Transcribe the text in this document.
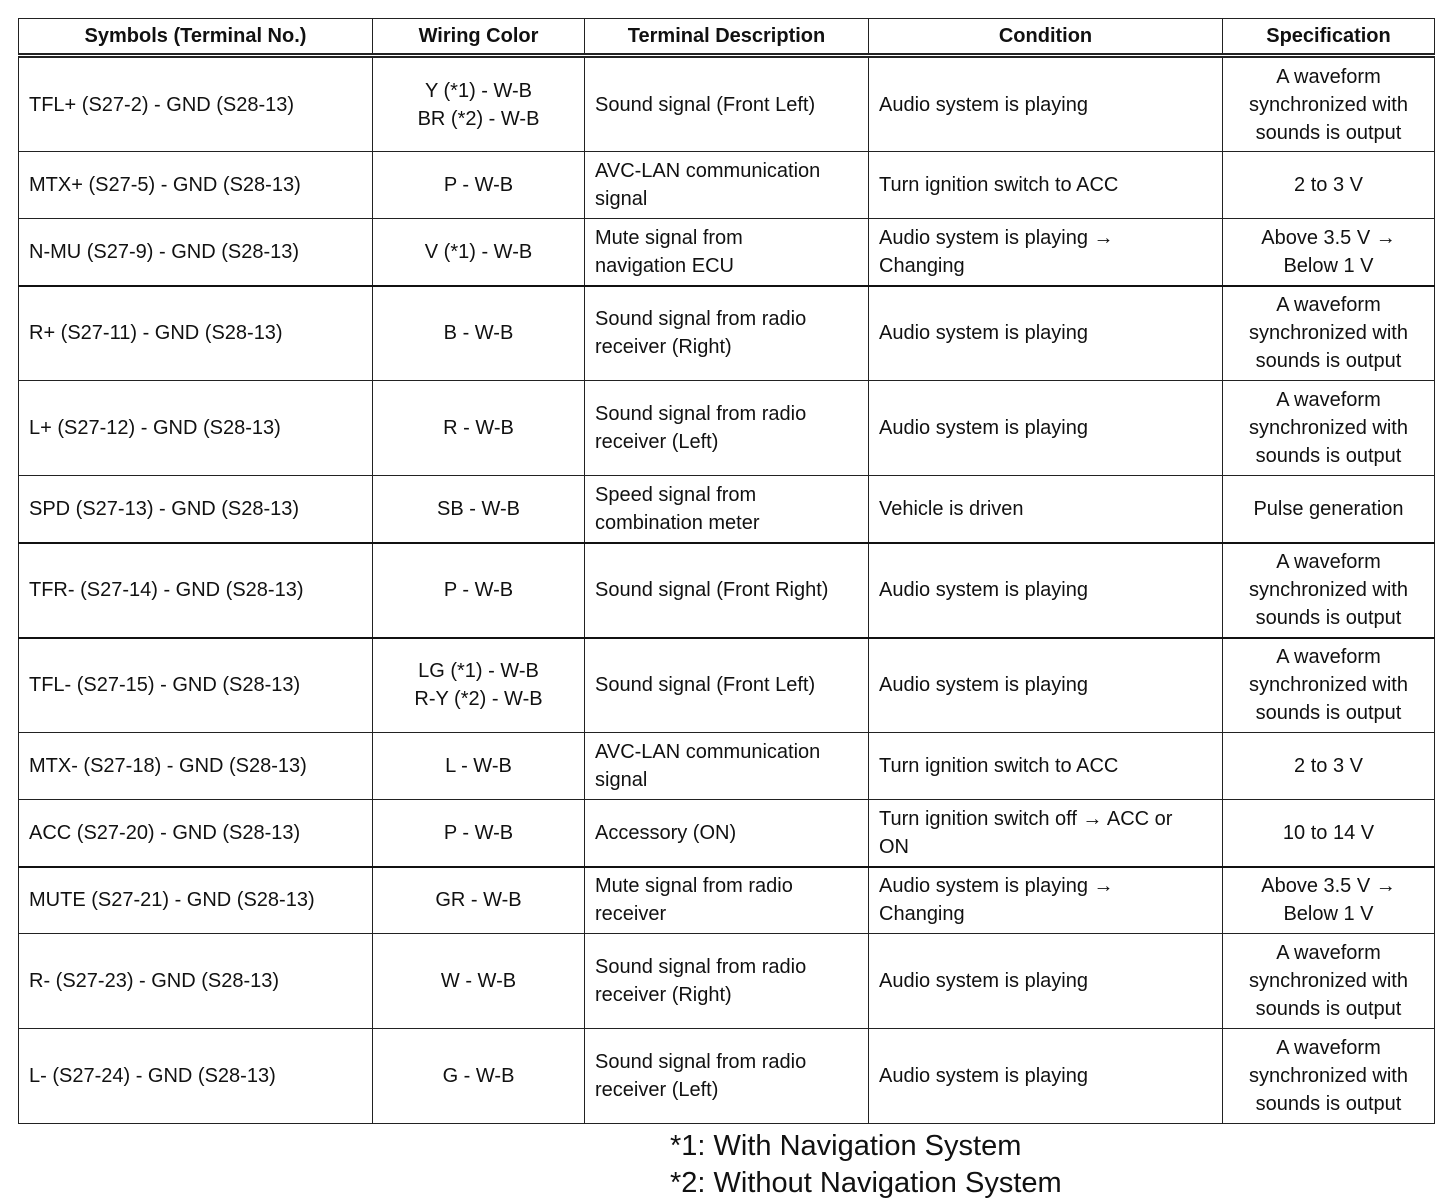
Symbols (Terminal No.)	Wiring Color	Terminal Description	Condition	Specification
TFL+ (S27-2) - GND (S28-13)	Y (*1) - W-B
BR (*2) - W-B	Sound signal (Front Left)	Audio system is playing	A waveform
synchronized with
sounds is output
MTX+ (S27-5) - GND (S28-13)	P - W-B	AVC-LAN communication
signal	Turn ignition switch to ACC	2 to 3 V
N-MU (S27-9) - GND (S28-13)	V (*1) - W-B	Mute signal from
navigation ECU	Audio system is playing →
Changing	Above 3.5 V →
Below 1 V
R+ (S27-11) - GND (S28-13)	B - W-B	Sound signal from radio
receiver (Right)	Audio system is playing	A waveform
synchronized with
sounds is output
L+ (S27-12) - GND (S28-13)	R - W-B	Sound signal from radio
receiver (Left)	Audio system is playing	A waveform
synchronized with
sounds is output
SPD (S27-13) - GND (S28-13)	SB - W-B	Speed signal from
combination meter	Vehicle is driven	Pulse generation
TFR- (S27-14) - GND (S28-13)	P - W-B	Sound signal (Front Right)	Audio system is playing	A waveform
synchronized with
sounds is output
TFL- (S27-15) - GND (S28-13)	LG (*1) - W-B
R-Y (*2) - W-B	Sound signal (Front Left)	Audio system is playing	A waveform
synchronized with
sounds is output
MTX- (S27-18) - GND (S28-13)	L - W-B	AVC-LAN communication
signal	Turn ignition switch to ACC	2 to 3 V
ACC (S27-20) - GND (S28-13)	P - W-B	Accessory (ON)	Turn ignition switch off → ACC or
ON	10 to 14 V
MUTE (S27-21) - GND (S28-13)	GR - W-B	Mute signal from radio
receiver	Audio system is playing →
Changing	Above 3.5 V →
Below 1 V
R- (S27-23) - GND (S28-13)	W - W-B	Sound signal from radio
receiver (Right)	Audio system is playing	A waveform
synchronized with
sounds is output
L- (S27-24) - GND (S28-13)	G - W-B	Sound signal from radio
receiver (Left)	Audio system is playing	A waveform
synchronized with
sounds is output
*1: With Navigation System
*2: Without Navigation System
